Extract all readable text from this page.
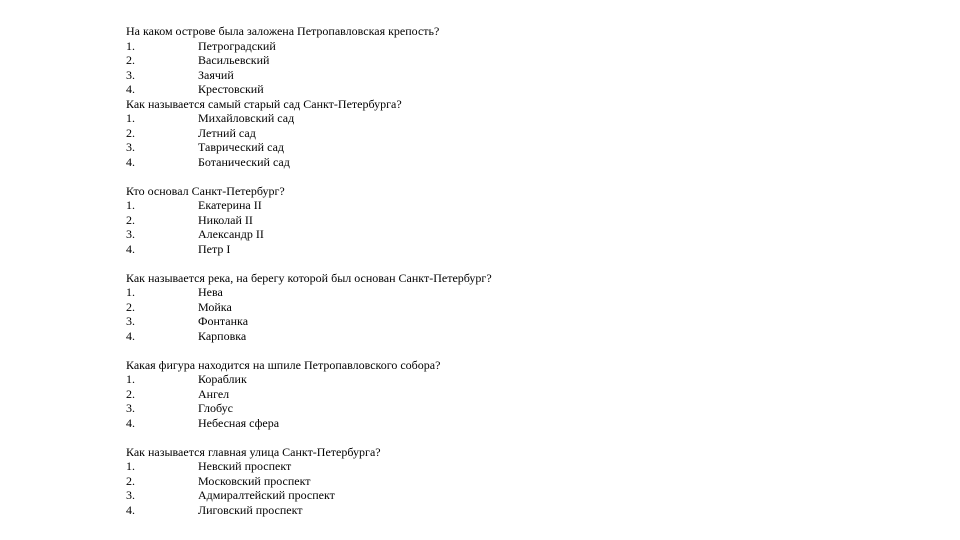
На каком острове была заложена Петропавловская крепость?
1.	Петроградский
2.	Васильевский
3.	Заячий
4.	Крестовский
Как называется самый старый сад Санкт-Петербурга?
1.	Михайловский сад
2.	Летний сад
3.	Таврический сад
4.	Ботанический сад
Кто основал Санкт-Петербург?
1.	Екатерина II
2.	Николай II
3.	Александр II
4.	Петр I
Как называется река, на берегу которой был основан Санкт-Петербург?
1.	Нева
2.	Мойка
3.	Фонтанка
4.	Карповка
Какая фигура находится на шпиле Петропавловского собора?
1.	Кораблик
2.	Ангел
3.	Глобус
4.	Небесная сфера
Как называется главная улица Санкт-Петербурга?
1.	Невский проспект
2.	Московский проспект
3.	Адмиралтейский проспект
4.	Лиговский проспект
